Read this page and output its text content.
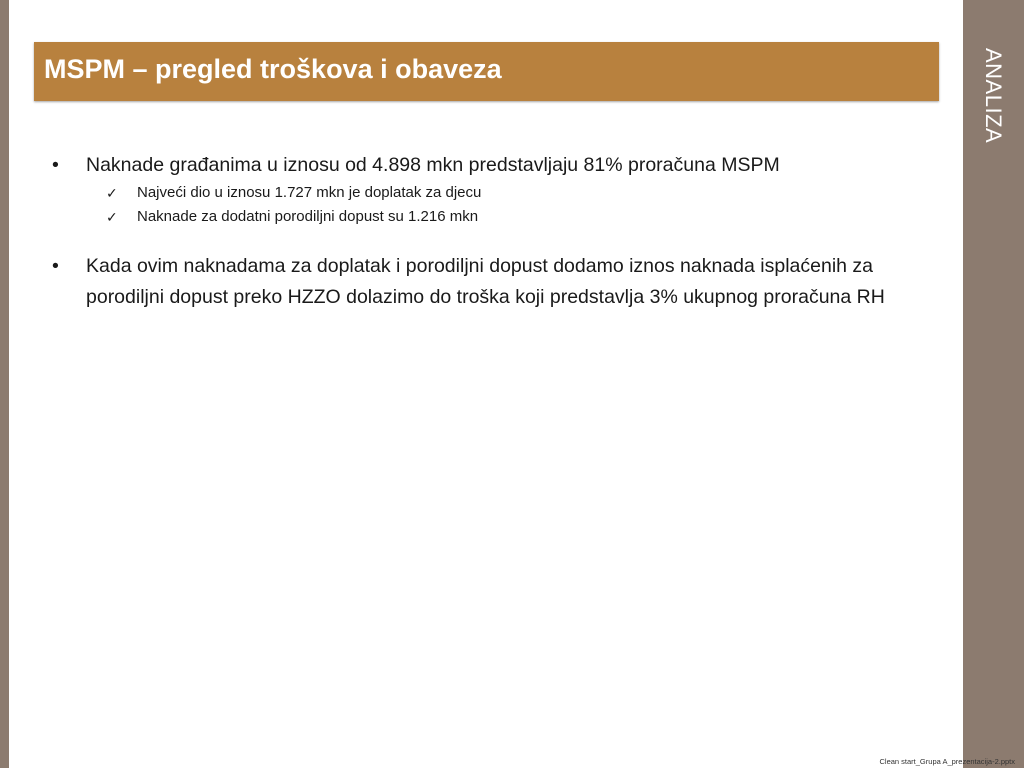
ANALIZA
MSPM – pregled troškova i obaveza
• Naknade građanima u iznosu od 4.898 mkn predstavljaju 81% proračuna MSPM
✓ Najveći dio u iznosu 1.727 mkn je doplatak za djecu
✓ Naknade za dodatni porodiljni dopust su 1.216 mkn
• Kada ovim naknadama za doplatak i porodiljni dopust dodamo iznos naknada isplaćenih za porodiljni dopust preko HZZO dolazimo do troška koji predstavlja 3% ukupnog proračuna RH
Clean start_Grupa A_prezentacija-2.pptx
